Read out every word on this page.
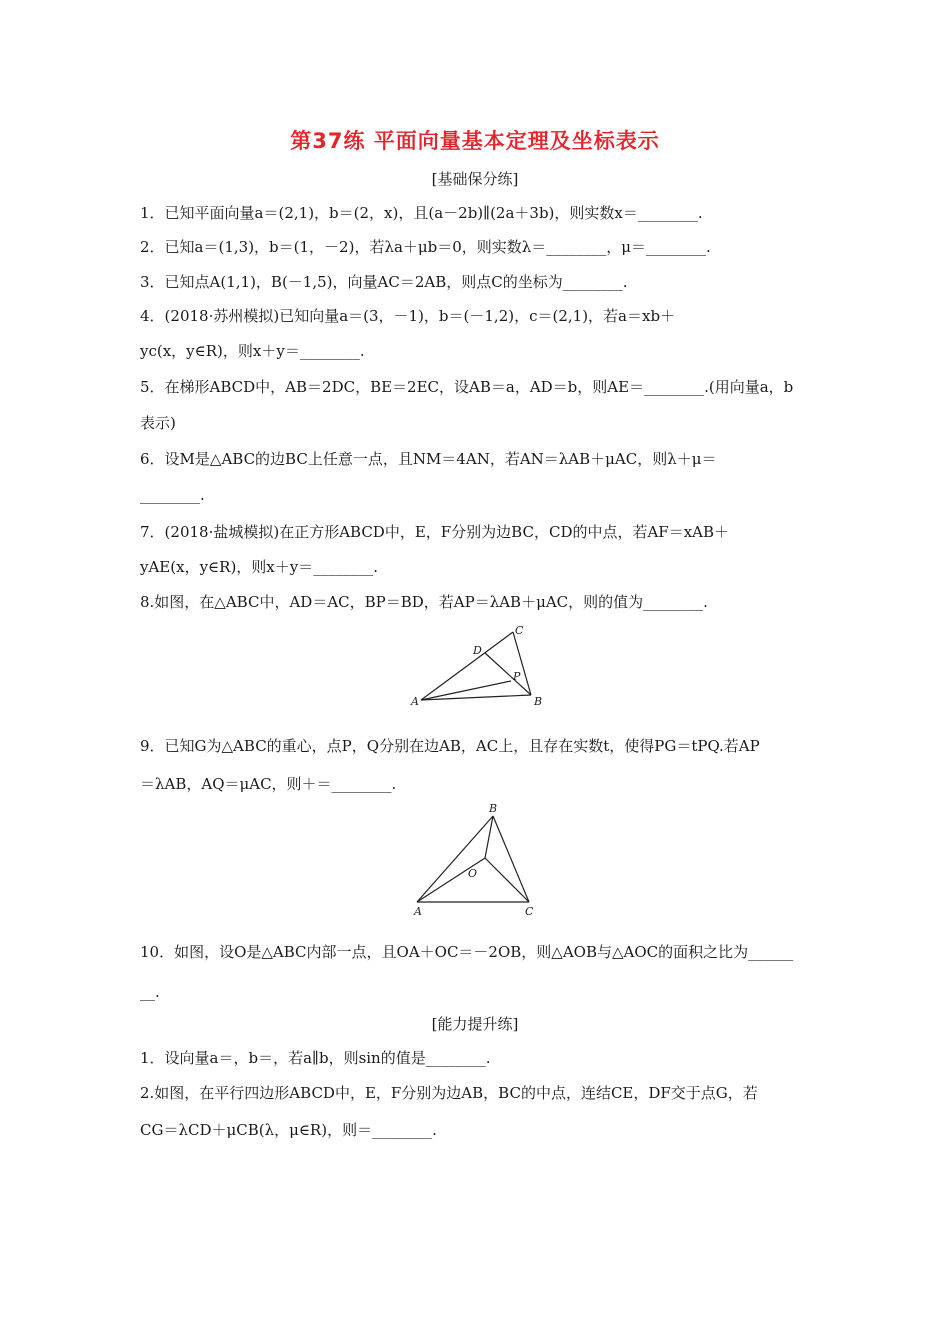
第37练 平面向量基本定理及坐标表示
[基础保分练]
1．已知平面向量a＝(2,1)，b＝(2，x)，且(a－2b)∥(2a＋3b)，则实数x＝________.
2．已知a＝(1,3)，b＝(1，－2)，若λa＋μb＝0，则实数λ＝________，μ＝________.
3．已知点A(1,1)，B(－1,5)，向量AC＝2AB，则点C的坐标为________.
4．(2018·苏州模拟)已知向量a＝(3，－1)，b＝(－1,2)，c＝(2,1)，若a＝xb＋
yc(x，y∈R)，则x＋y＝________.
5．在梯形ABCD中，AB＝2DC，BE＝2EC，设AB＝a，AD＝b，则AE＝________.(用向量a，b
表示)
6．设M是△ABC的边BC上任意一点，且NM＝4AN，若AN＝λAB＋μAC，则λ＋μ＝
________.
7．(2018·盐城模拟)在正方形ABCD中，E，F分别为边BC，CD的中点，若AF＝xAB＋
yAE(x，y∈R)，则x＋y＝________.
8.如图，在△ABC中，AD＝AC，BP＝BD，若AP＝λAB＋μAC，则的值为________.
C
D
P
A	B
9．已知G为△ABC的重心，点P，Q分别在边AB，AC上，且存在实数t，使得PG＝tPQ.若AP
＝λAB，AQ＝μAC，则＋＝________.
B
O
A	C
10．如图，设O是△ABC内部一点，且OA＋OC＝－2OB，则△AOB与△AOC的面积之比为______
__.
[能力提升练]
1．设向量a＝，b＝，若a∥b，则sin的值是________.
2.如图，在平行四边形ABCD中，E，F分别为边AB，BC的中点，连结CE，DF交于点G，若
CG＝λCD＋μCB(λ，μ∈R)，则＝________.
